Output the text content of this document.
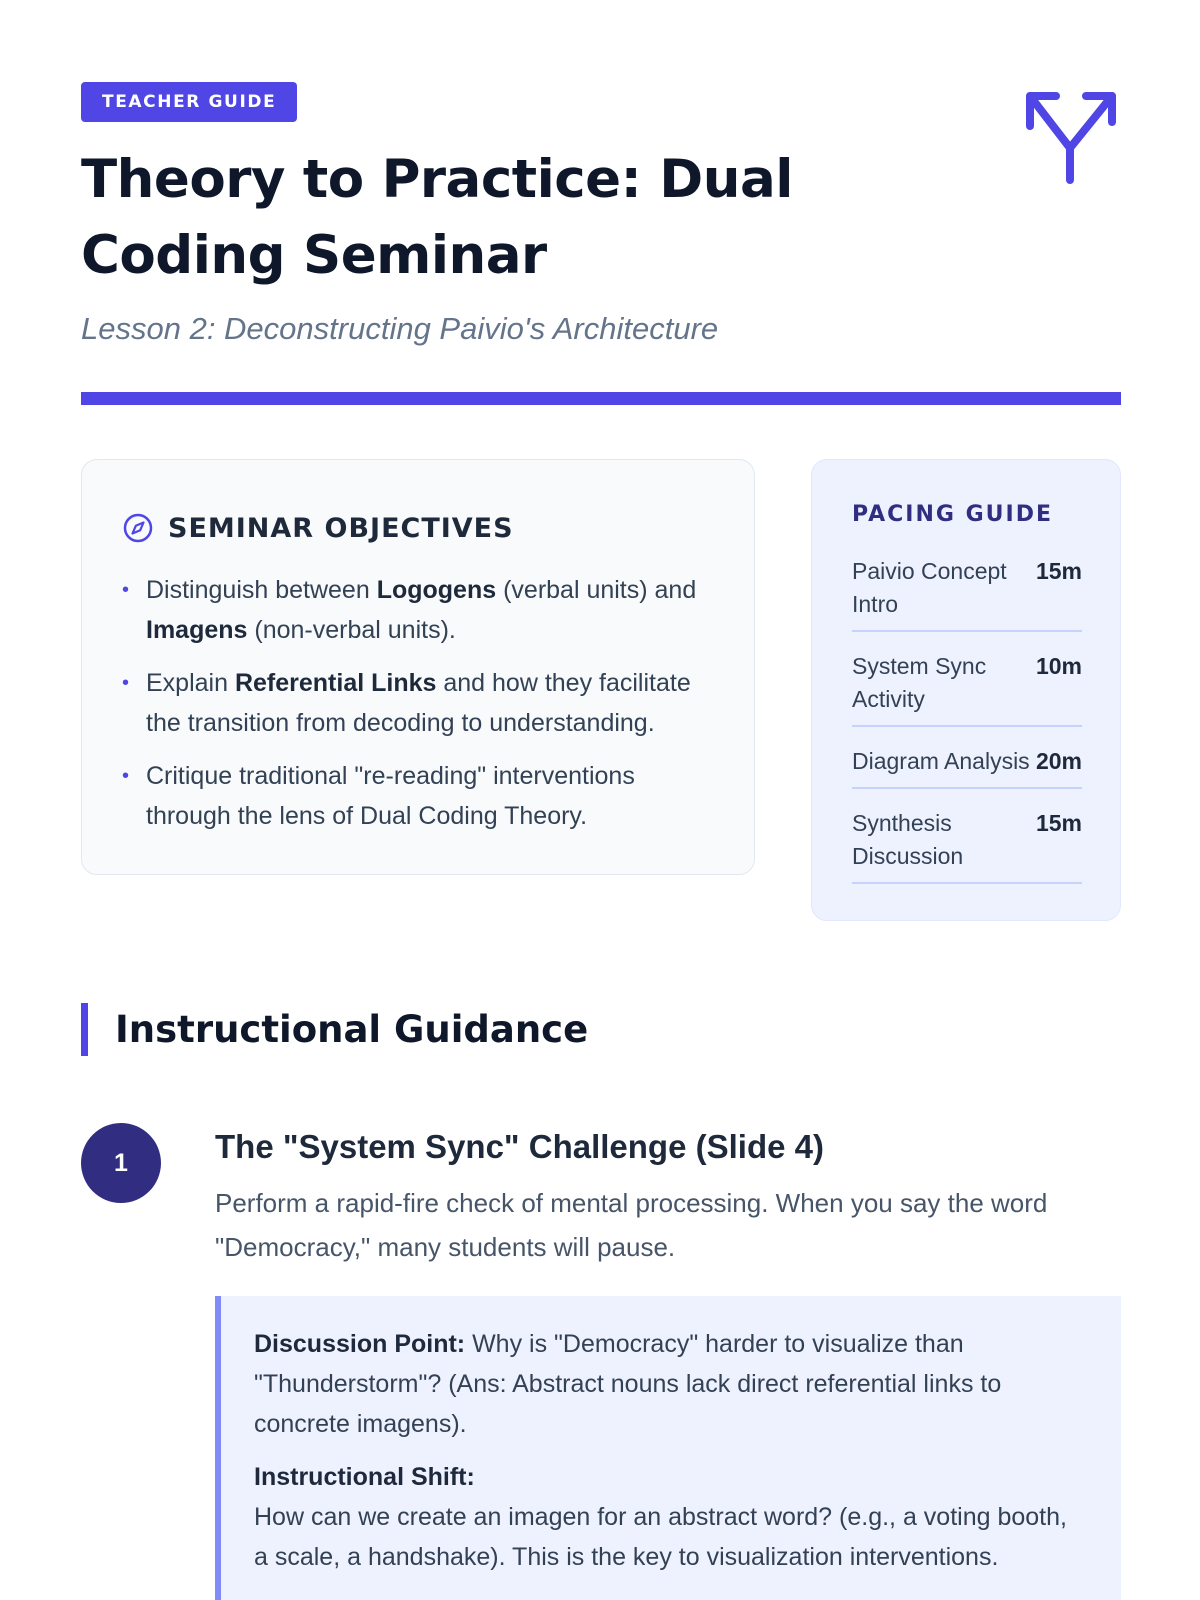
TEACHER GUIDE
Theory to Practice: Dual Coding Seminar
Lesson 2: Deconstructing Paivio's Architecture
SEMINAR OBJECTIVES
• Distinguish between Logogens (verbal units) and Imagens (non-verbal units).
• Explain Referential Links and how they facilitate the transition from decoding to understanding.
• Critique traditional "re-reading" interventions through the lens of Dual Coding Theory.
PACING GUIDE
Paivio Concept Intro
15m
System Sync Activity
10m
Diagram Analysis 20m
Synthesis Discussion
15m
Instructional Guidance
1	The "System Sync" Challenge (Slide 4)
Perform a rapid-fire check of mental processing. When you say the word "Democracy," many students will pause.

Discussion Point: Why is "Democracy" harder to visualize than "Thunderstorm"? (Ans: Abstract nouns lack direct referential links to concrete imagens).

Instructional Shift:
How can we create an imagen for an abstract word? (e.g., a voting booth, a scale, a handshake). This is the key to visualization interventions.
